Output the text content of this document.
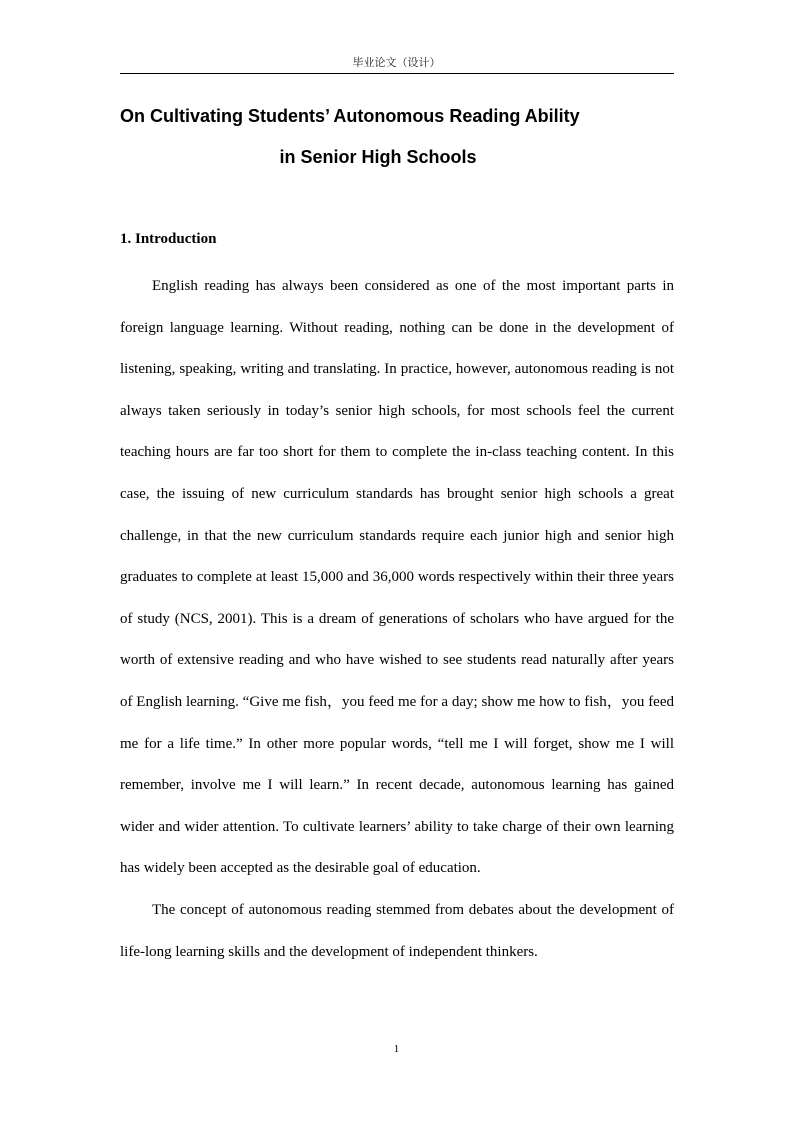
毕业论文（设计）
On Cultivating Students’ Autonomous Reading Ability
in Senior High Schools
1. Introduction

English reading has always been considered as one of the most important parts in foreign language learning. Without reading, nothing can be done in the development of listening, speaking, writing and translating. In practice, however, autonomous reading is not always taken seriously in today’s senior high schools, for most schools feel the current teaching hours are far too short for them to complete the in-class teaching content. In this case, the issuing of new curriculum standards has brought senior high schools a great challenge, in that the new curriculum standards require each junior high and senior high graduates to complete at least 15,000 and 36,000 words respectively within their three years of study (NCS, 2001). This is a dream of generations of scholars who have argued for the worth of extensive reading and who have wished to see students read naturally after years of English learning. “Give me fish，you feed me for a day; show me how to fish，you feed me for a life time.” In other more popular words, “tell me I will forget, show me I will remember, involve me I will learn.” In recent decade, autonomous learning has gained wider and wider attention. To cultivate learners’ ability to take charge of their own learning has widely been accepted as the desirable goal of education.

The concept of autonomous reading stemmed from debates about the development of life-long learning skills and the development of independent thinkers.

1
